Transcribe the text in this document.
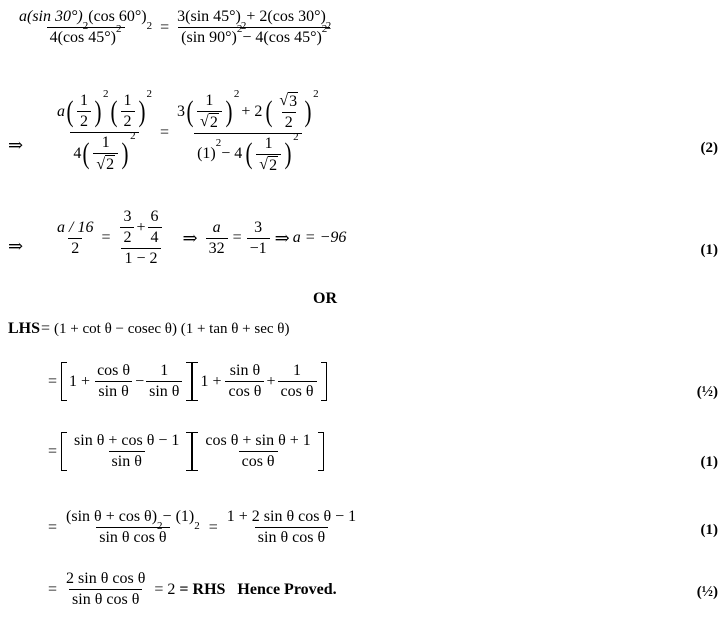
a(sin 30°)
2
(cos 60°)
2
4(cos 45°) 2 = 3(sin 45°)
2
+ 2(cos 30°)
2
(sin 90°) 2 − 4(cos 45°) 2
⇒ a ( $\frac{1}{2}$ )
2
( $\frac{1}{2}$ )
2
4 ( $\frac{1}{√ 2}$ )
2 =
3 ( $\frac{1}{√ 2}$ )
2
+ 2 ( $\frac{√ 3}{2}$ )
2
(1)
2
− 4 ( $\frac{1}{√ 2}$ )
2
(2)
⇒ $\frac{a / 16}{2} = \frac{\frac{3}{2} + \frac{6}{4}}{1 - 2}$ ⇒ $\frac{a}{32} = \frac{3}{-1}$ ⇒ a = −96
(1)
OR
LHS = (1 + cot θ − cosec θ) (1 + tan θ + sec θ)
= $1 + \frac{\text{cos θ}}{\text{sin θ}} - \frac{1}{\text{sin θ}} 1 + \frac{\text{sin θ}}{\text{cos θ}} + \frac{1}{\text{cos θ}}$	(½)
= $\frac{\text{sin θ + cos θ − 1}}{\text{sin θ}} \frac{\text{cos θ + sin θ + 1}}{\text{cos θ}}$	(1)
= (sin θ + cos θ)
2
− (1)
2
sin θ $\cos \theta = \frac{\text{1 + 2 sin θ cos θ − 1}}{\text{sin θ cos θ}}$	(1)
= $\frac{\text{2 sin θ cos θ}}{\text{sin θ cos θ}} = 2$ = RHS Hence Proved.	(½)
